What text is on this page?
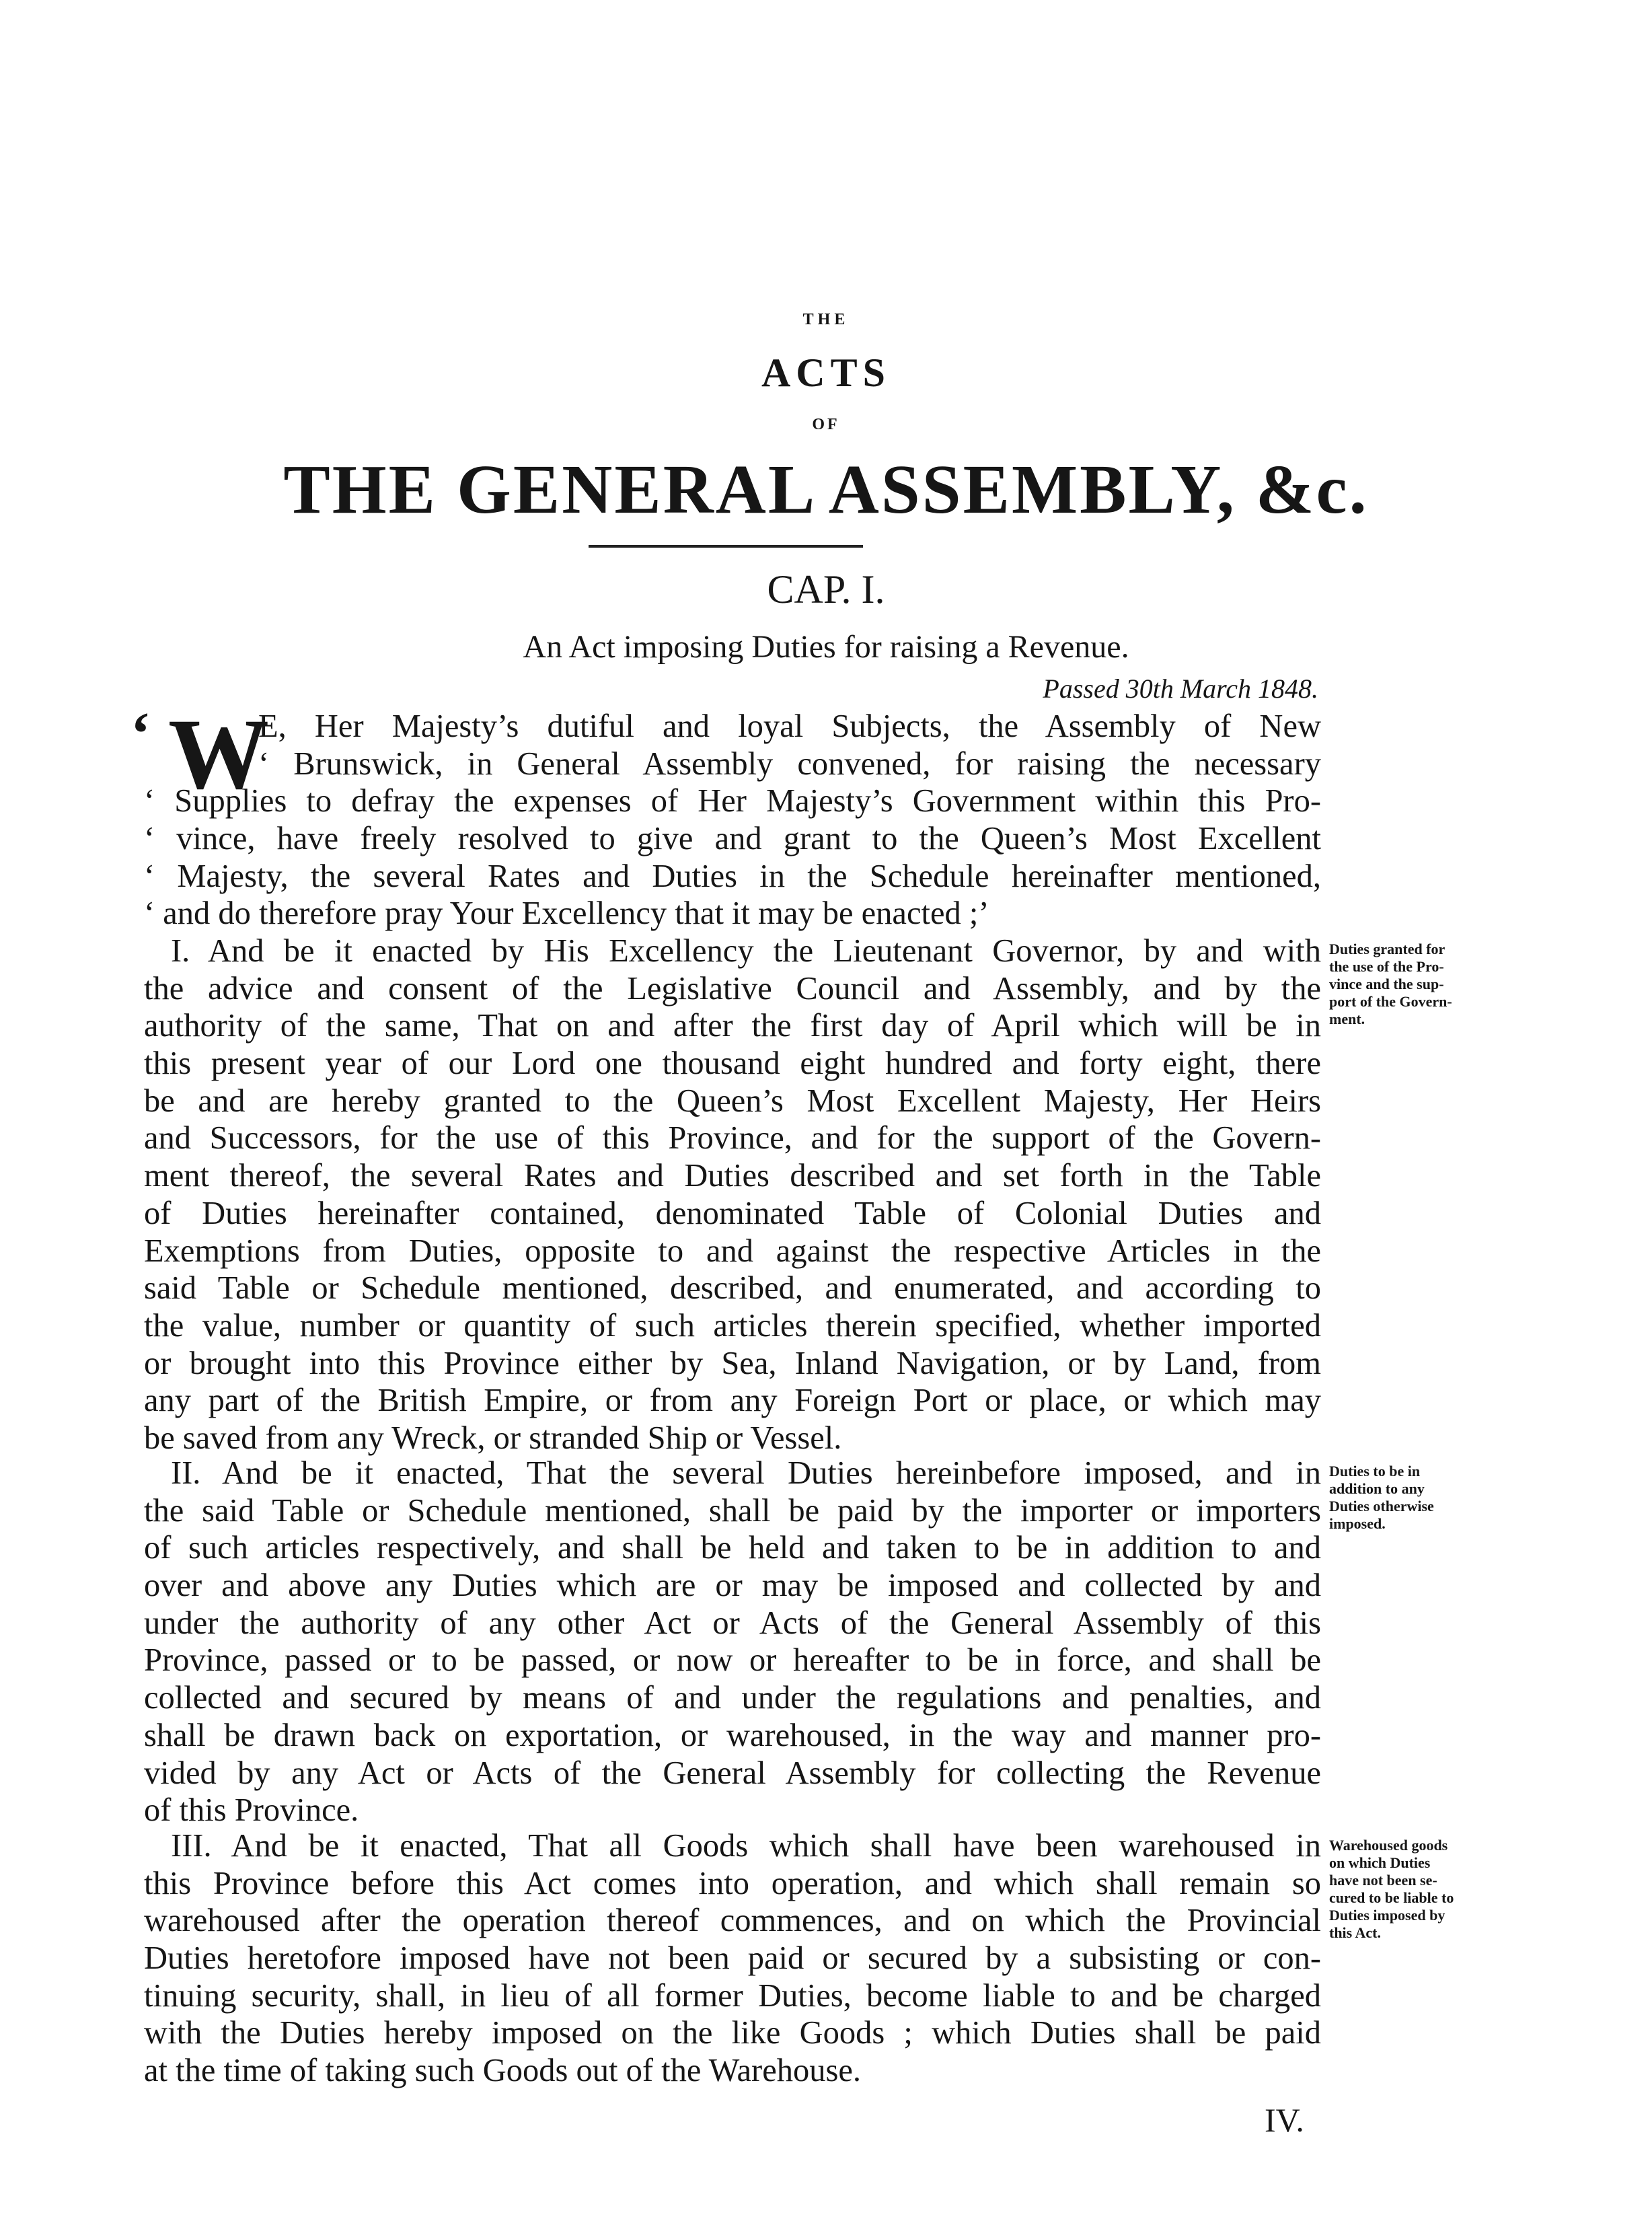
THE
ACTS
OF
THE GENERAL ASSEMBLY, &c.
CAP. I.
An Act imposing Duties for raising a Revenue.
Passed 30th March 1848.
‘ W
E, Her Majesty’s dutiful and loyal Subjects, the Assembly of New
‘ Brunswick, in General Assembly convened, for raising the necessary
‘ Supplies to defray the expenses of Her Majesty’s Government within this Pro-
‘ vince, have freely resolved to give and grant to the Queen’s Most Excellent
‘ Majesty, the several Rates and Duties in the Schedule hereinafter mentioned,
‘ and do therefore pray Your Excellency that it may be enacted ;’
I. And be it enacted by His Excellency the Lieutenant Governor, by and with
the advice and consent of the Legislative Council and Assembly, and by the
authority of the same, That on and after the first day of April which will be in
this present year of our Lord one thousand eight hundred and forty eight, there
be and are hereby granted to the Queen’s Most Excellent Majesty, Her Heirs
and Successors, for the use of this Province, and for the support of the Govern-
ment thereof, the several Rates and Duties described and set forth in the Table
of Duties hereinafter contained, denominated Table of Colonial Duties and
Exemptions from Duties, opposite to and against the respective Articles in the
said Table or Schedule mentioned, described, and enumerated, and according to
the value, number or quantity of such articles therein specified, whether imported
or brought into this Province either by Sea, Inland Navigation, or by Land, from
any part of the British Empire, or from any Foreign Port or place, or which may
be saved from any Wreck, or stranded Ship or Vessel.
Duties granted for
the use of the Pro-
vince and the sup-
port of the Govern-
ment.
II. And be it enacted, That the several Duties hereinbefore imposed, and in
the said Table or Schedule mentioned, shall be paid by the importer or importers
of such articles respectively, and shall be held and taken to be in addition to and
over and above any Duties which are or may be imposed and collected by and
under the authority of any other Act or Acts of the General Assembly of this
Province, passed or to be passed, or now or hereafter to be in force, and shall be
collected and secured by means of and under the regulations and penalties, and
shall be drawn back on exportation, or warehoused, in the way and manner pro-
vided by any Act or Acts of the General Assembly for collecting the Revenue
of this Province.
Duties to be in
addition to any
Duties otherwise
imposed.
III. And be it enacted, That all Goods which shall have been warehoused in
this Province before this Act comes into operation, and which shall remain so
warehoused after the operation thereof commences, and on which the Provincial
Duties heretofore imposed have not been paid or secured by a subsisting or con-
tinuing security, shall, in lieu of all former Duties, become liable to and be charged
with the Duties hereby imposed on the like Goods ; which Duties shall be paid
at the time of taking such Goods out of the Warehouse.
Warehoused goods
on which Duties
have not been se-
cured to be liable to
Duties imposed by
this Act.
IV.
